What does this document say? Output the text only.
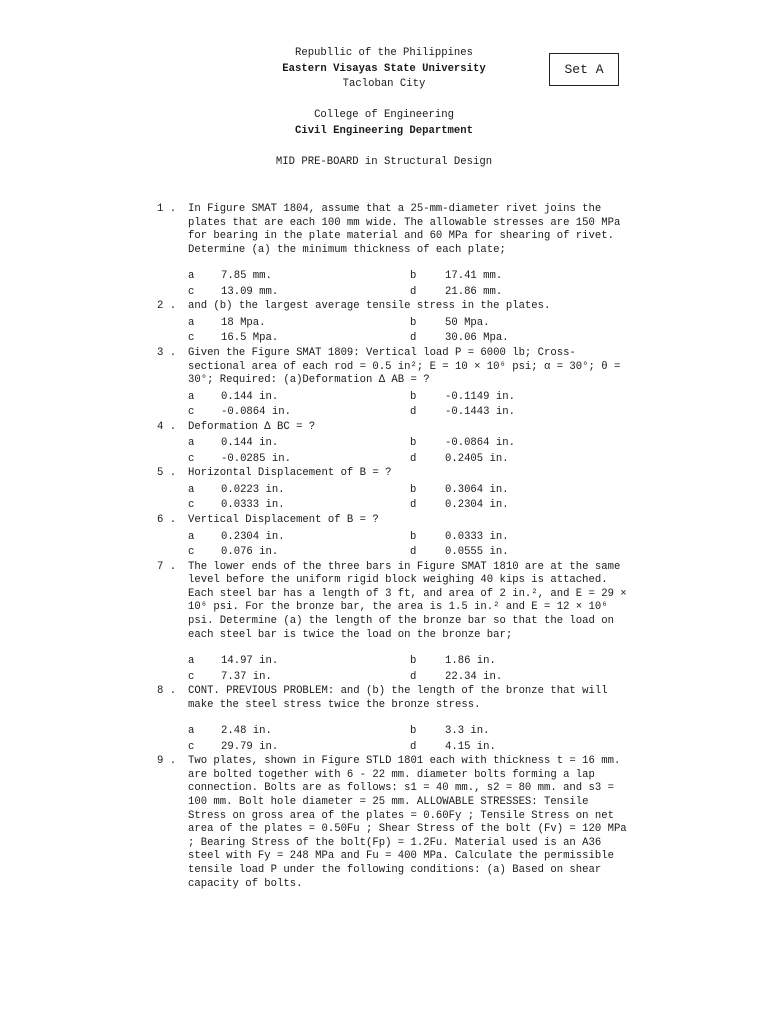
Republlic of the Philippines
Eastern Visayas State University
Tacloban City
College of Engineering
Civil Engineering Department
MID PRE-BOARD in Structural Design
Set A
1 .	In Figure SMAT 1804, assume that a 25-mm-diameter rivet joins the plates that are each 100 mm wide. The allowable stresses are 150 MPa for bearing in the plate material and 60 MPa for shearing of rivet. Determine (a) the minimum thickness of each plate;
a	7.85 mm.	b	17.41 mm.
c	13.09 mm.	d	21.86 mm.
2 .	and (b) the largest average tensile stress in the plates.
a	18 Mpa.	b	50 Mpa.
c	16.5 Mpa.	d	30.06 Mpa.
3 .	Given the Figure SMAT 1809: Vertical load P = 6000 lb; Cross-sectional area of each rod = 0.5 in²; E = 10 × 10⁶ psi; α = 30°; θ = 30°; Required: (a)Deformation Δ AB = ?
a	0.144 in.	b	-0.1149 in.
c	-0.0864 in.	d	-0.1443 in.
4 .	Deformation Δ BC = ?
a	0.144 in.	b	-0.0864 in.
c	-0.0285 in.	d	0.2405 in.
5 .	Horizontal Displacement of B = ?
a	0.0223 in.	b	0.3064 in.
c	0.0333 in.	d	0.2304 in.
6 .	Vertical Displacement of B = ?
a	0.2304 in.	b	0.0333 in.
c	0.076 in.	d	0.0555 in.
7 .	The lower ends of the three bars in Figure SMAT 1810 are at the same level before the uniform rigid block weighing 40 kips is attached. Each steel bar has a length of 3 ft, and area of 2 in.², and E = 29 × 10⁶ psi. For the bronze bar, the area is 1.5 in.² and E = 12 × 10⁶ psi. Determine (a) the length of the bronze bar so that the load on each steel bar is twice the load on the bronze bar;
a	14.97 in.	b	1.86 in.
c	7.37 in.	d	22.34 in.
8 .	CONT. PREVIOUS PROBLEM: and (b) the length of the bronze that will make the steel stress twice the bronze stress.
a	2.48 in.	b	3.3 in.
c	29.79 in.	d	4.15 in.
9 .	Two plates, shown in Figure STLD 1801 each with thickness t = 16 mm. are bolted together with 6 - 22 mm. diameter bolts forming a lap connection. Bolts are as follows: s1 = 40 mm., s2 = 80 mm. and s3 = 100 mm. Bolt hole diameter = 25 mm. ALLOWABLE STRESSES: Tensile Stress on gross area of the plates = 0.60Fy ; Tensile Stress on net area of the plates = 0.50Fu ; Shear Stress of the bolt (Fv) = 120 MPa ; Bearing Stress of the bolt(Fp) = 1.2Fu. Material used is an A36 steel with Fy = 248 MPa and Fu = 400 MPa. Calculate the permissible tensile load P under the following conditions: (a) Based on shear capacity of bolts.
